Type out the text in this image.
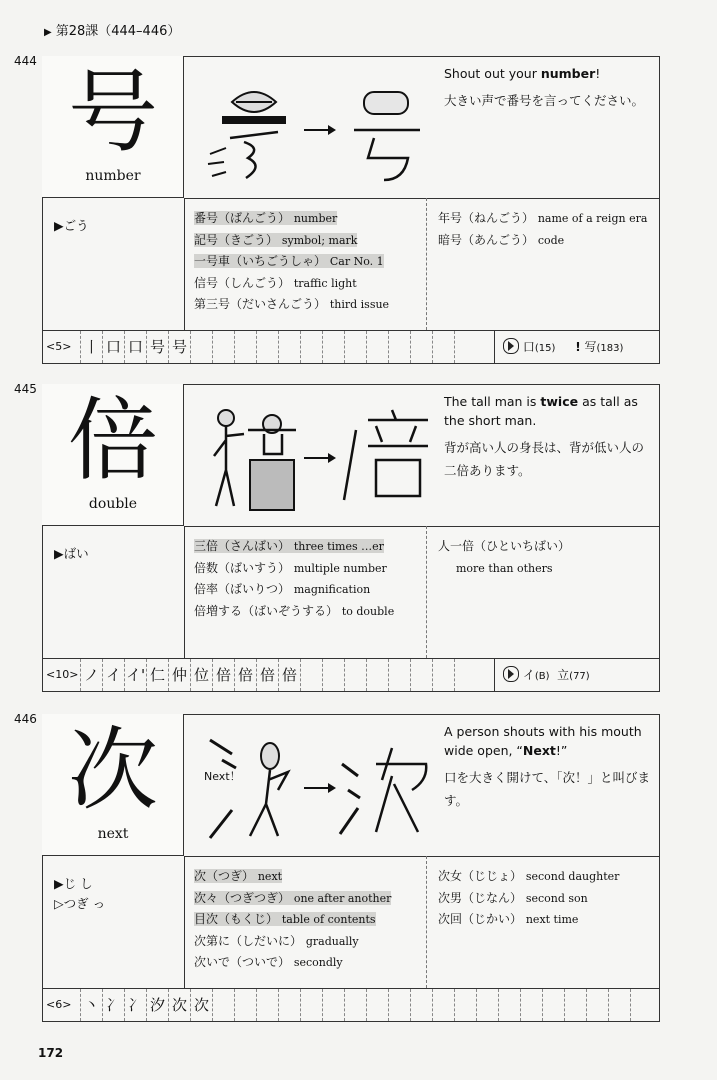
▶ 第28課（444–446）
444 号
number
Shout out your number!
大きい声で番号を言ってください。
▶ごう	番号（ばんごう） number
記号（きごう） symbol; mark
一号車（いちごうしゃ） Car No. 1
信号（しんごう） traffic light
第三号（だいさんごう） third issue
年号（ねんごう） name of a reign era
暗号（あんごう） code
<5> 丨 口 口 号 号	口(15) ! 写(183)
445 倍
double
The tall man is twice as tall as the short man.
背が高い人の身長は、背が低い人の二倍あります。
▶ばい	三倍（さんばい） three times …er
倍数（ばいすう） multiple number
倍率（ばいりつ） magnification
倍増する（ばいぞうする） to double
人一倍（ひといちばい）
more than others
<10> ノ イ イ' 仁 仲 位 倍 倍 倍 倍	イ(B) 立(77)
446 次
next
Next！
A person shouts with his mouth wide open, “Next!”
口を大きく開けて、「次！」と叫びます。
▶じ し
▷つぎ っ
次（つぎ） next
次々（つぎつぎ） one after another
目次（もくじ） table of contents
次第に（しだいに） gradually
次いで（ついで） secondly
次女（じじょ） second daughter
次男（じなん） second son
次回（じかい） next time
<6> 丶 冫 冫 汐 次 次
172
